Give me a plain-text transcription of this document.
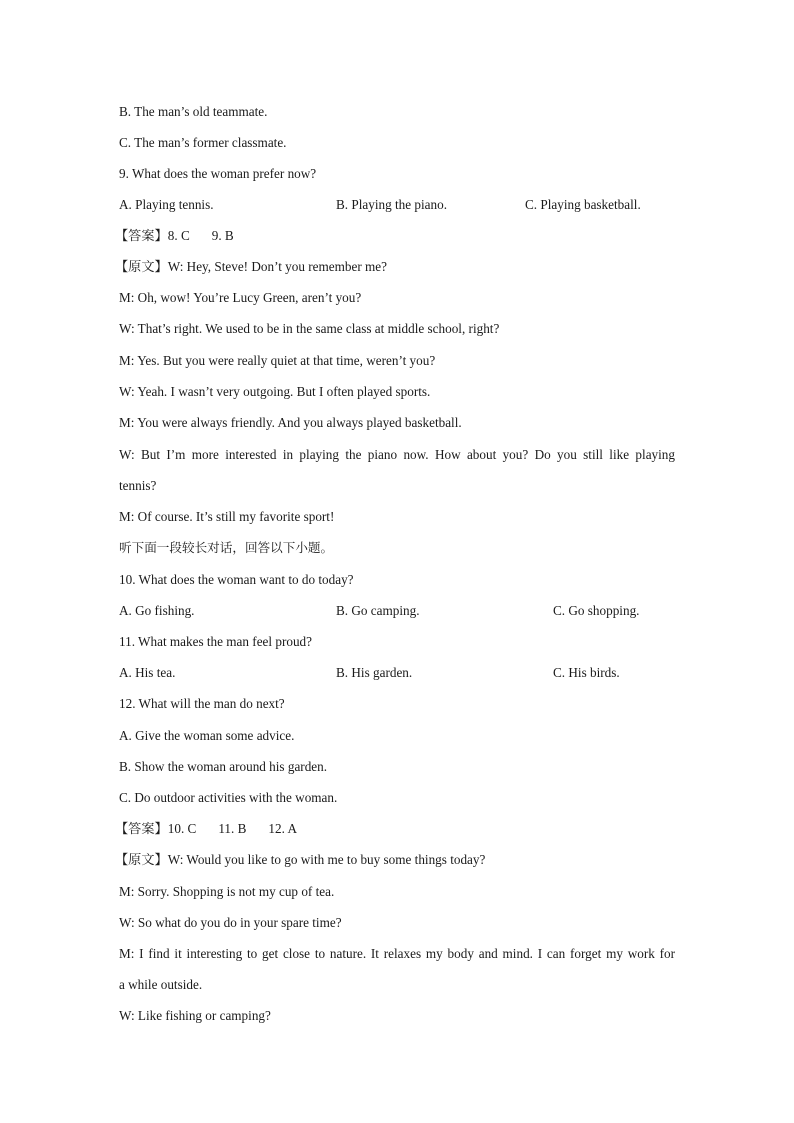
B. The man’s old teammate.
C. The man’s former classmate.
9. What does the woman prefer now?
A. Playing tennis.	B. Playing the piano.	C. Playing basketball.
【答案】8. C 9. B
【原文】W: Hey, Steve! Don’t you remember me?
M: Oh, wow! You’re Lucy Green, aren’t you?
W: That’s right. We used to be in the same class at middle school, right?
M: Yes. But you were really quiet at that time, weren’t you?
W: Yeah. I wasn’t very outgoing. But I often played sports.
M: You were always friendly. And you always played basketball.
W: But I’m more interested in playing the piano now. How about you? Do you still like playing
tennis?
M: Of course. It’s still my favorite sport!
听下面一段较长对话，回答以下小题。
10. What does the woman want to do today?
A. Go fishing.	B. Go camping.	C. Go shopping.
11. What makes the man feel proud?
A. His tea.	B. His garden.	C. His birds.
12. What will the man do next?
A. Give the woman some advice.
B. Show the woman around his garden.
C. Do outdoor activities with the woman.
【答案】10. C 11. B 12. A
【原文】W: Would you like to go with me to buy some things today?
M: Sorry. Shopping is not my cup of tea.
W: So what do you do in your spare time?
M: I find it interesting to get close to nature. It relaxes my body and mind. I can forget my work for
a while outside.
W: Like fishing or camping?
